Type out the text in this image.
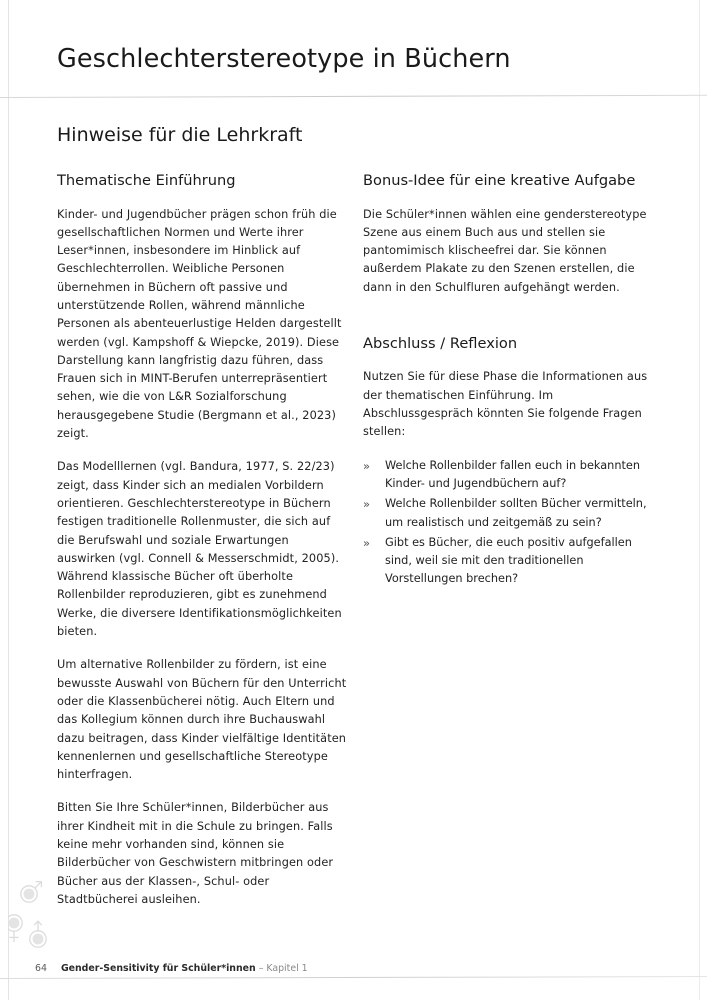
Geschlechterstereotype in Büchern
Hinweise für die Lehrkraft
Thematische Einführung

Kinder- und Jugendbücher prägen schon früh die gesellschaftlichen Normen und Werte ihrer Leser*innen, insbesondere im Hinblick auf Geschlechterrollen. Weibliche Personen übernehmen in Büchern oft passive und unterstützende Rollen, während männliche Personen als abenteuerlustige Helden dargestellt werden (vgl. Kampshoff & Wiepcke, 2019). Diese Darstellung kann langfristig dazu führen, dass Frauen sich in MINT-Berufen unterrepräsentiert sehen, wie die von L&R Sozialforschung herausgegebene Studie (Bergmann et al., 2023) zeigt.

Das Modelllernen (vgl. Bandura, 1977, S. 22/23) zeigt, dass Kinder sich an medialen Vorbildern orientieren. Geschlechterstereotype in Büchern festigen traditionelle Rollenmuster, die sich auf die Berufswahl und soziale Erwartungen auswirken (vgl. Connell & Messerschmidt, 2005). Während klassische Bücher oft überholte Rollenbilder reproduzieren, gibt es zunehmend Werke, die diversere Identifikationsmöglichkeiten bieten.

Um alternative Rollenbilder zu fördern, ist eine bewusste Auswahl von Büchern für den Unterricht oder die Klassenbücherei nötig. Auch Eltern und das Kollegium können durch ihre Buchauswahl dazu beitragen, dass Kinder vielfältige Identitäten kennenlernen und gesellschaftliche Stereotype hinterfragen.

Bitten Sie Ihre Schüler*innen, Bilderbücher aus ihrer Kindheit mit in die Schule zu bringen. Falls keine mehr vorhanden sind, können sie Bilderbücher von Geschwistern mitbringen oder Bücher aus der Klassen-, Schul- oder Stadtbücherei ausleihen.

Bonus-Idee für eine kreative Aufgabe

Die Schüler*innen wählen eine genderstereotype Szene aus einem Buch aus und stellen sie pantomimisch klischeefrei dar. Sie können außerdem Plakate zu den Szenen erstellen, die dann in den Schulfluren aufgehängt werden.

Abschluss / Reflexion

Nutzen Sie für diese Phase die Informationen aus der thematischen Einführung. Im Abschlussgespräch könnten Sie folgende Fragen stellen:

» Welche Rollenbilder fallen euch in bekannten Kinder- und Jugendbüchern auf?
» Welche Rollenbilder sollten Bücher vermitteln, um realistisch und zeitgemäß zu sein?
» Gibt es Bücher, die euch positiv aufgefallen sind, weil sie mit den traditionellen Vorstellungen brechen?
64 Gender-Sensitivity für Schüler*innen – Kapitel 1
